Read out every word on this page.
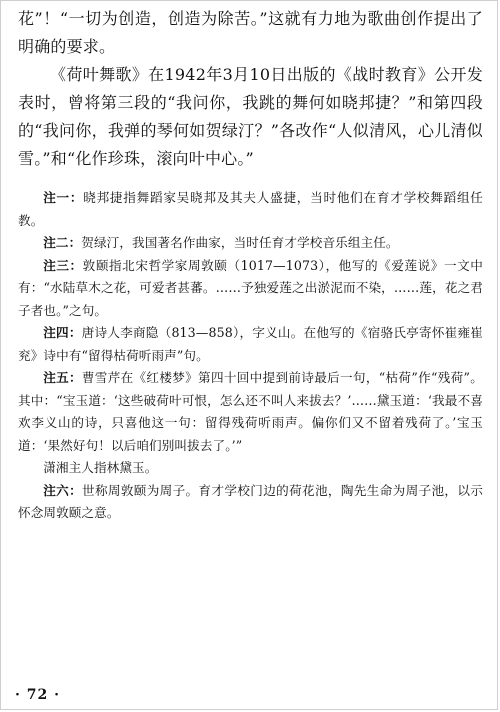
花”！“一切为创造，创造为除苦。”这就有力地为歌曲创作提出了明确的要求。

《荷叶舞歌》在1942年3月10日出版的《战时教育》公开发表时，曾将第三段的“我问你，我跳的舞何如晓邦捷？”和第四段的“我问你，我弹的琴何如贺绿汀？”各改作“人似清风，心儿清似雪。”和“化作珍珠，滚向叶中心。”

注一：晓邦捷指舞蹈家吴晓邦及其夫人盛捷，当时他们在育才学校舞蹈组任教。

注二：贺绿汀，我国著名作曲家，当时任育才学校音乐组主任。

注三：敦颐指北宋哲学家周敦颐（1017—1073），他写的《爱莲说》一文中有：“水陆草木之花，可爱者甚蕃。……予独爱莲之出淤泥而不染，……莲，花之君子者也。”之句。

注四：唐诗人李商隐（813—858），字义山。在他写的《宿骆氏亭寄怀崔雍崔兖》诗中有“留得枯荷听雨声”句。

注五：曹雪芹在《红楼梦》第四十回中提到前诗最后一句，“枯荷”作“残荷”。其中：“宝玉道：‘这些破荷叶可恨，怎么还不叫人来拔去？’……黛玉道：‘我最不喜欢李义山的诗，只喜他这一句：留得残荷听雨声。偏你们又不留着残荷了。’宝玉道：‘果然好句！以后咱们别叫拔去了。’”

潇湘主人指林黛玉。

注六：世称周敦颐为周子。育才学校门边的荷花池，陶先生命为周子池，以示怀念周敦颐之意。

· 72 ·
